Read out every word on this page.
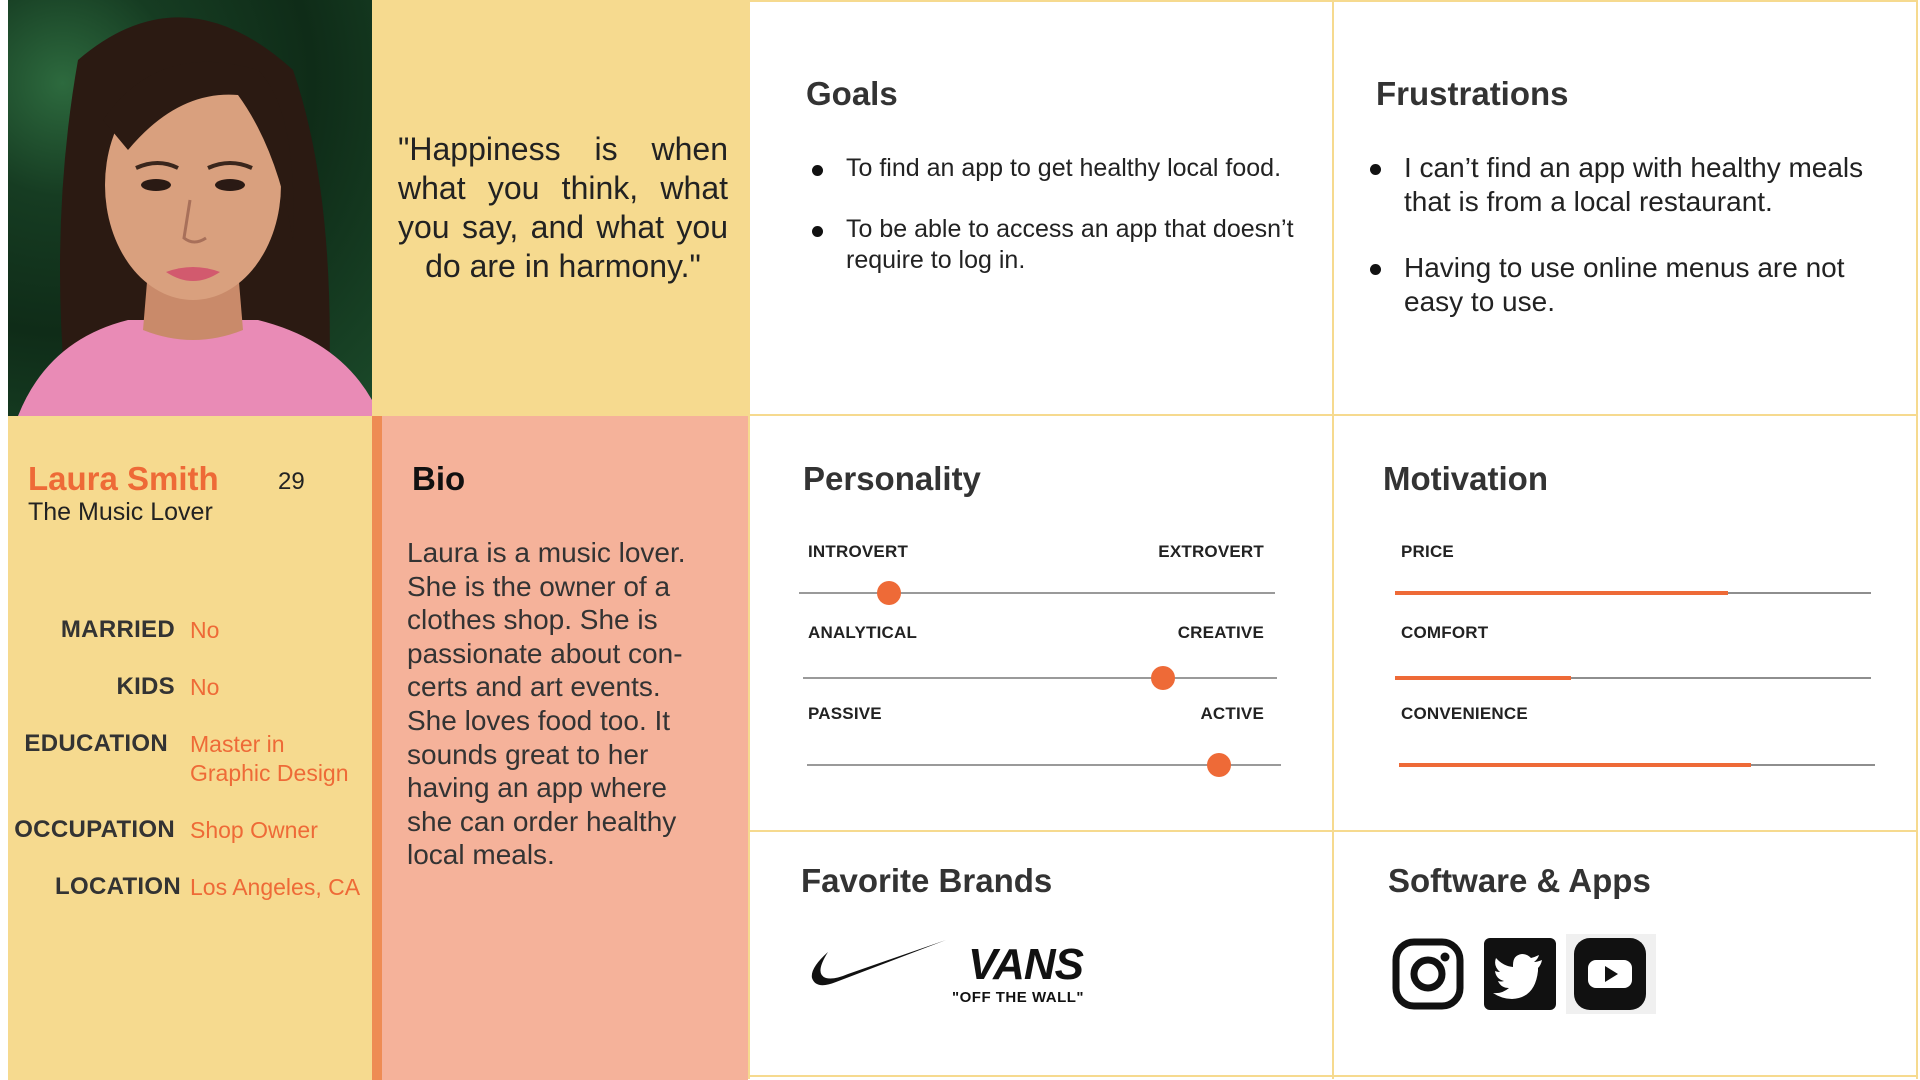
"Happiness is when what you think, what you say, and what you do are in harmony."
Laura Smith 29
The Music Lover
MARRIED No
KIDS No
EDUCATION Master in
Graphic Design
OCCUPATION Shop Owner
LOCATION Los Angeles, CA
Bio
Laura is a music lover. She is the owner of a clothes shop. She is passionate about con-certs and art events. She loves food too. It sounds great to her having an app where she can order healthy local meals.
Goals
To find an app to get healthy local food.
To be able to access an app that doesn’t require to log in.
Frustrations
I can’t find an app with healthy meals that is from a local restaurant.
Having to use online menus are not easy to use.
Personality
INTROVERT	EXTROVERT
ANALYTICAL	CREATIVE
PASSIVE	ACTIVE
Motivation
PRICE
COMFORT
CONVENIENCE
Favorite Brands
VANS
"OFF THE WALL"
Software & Apps
